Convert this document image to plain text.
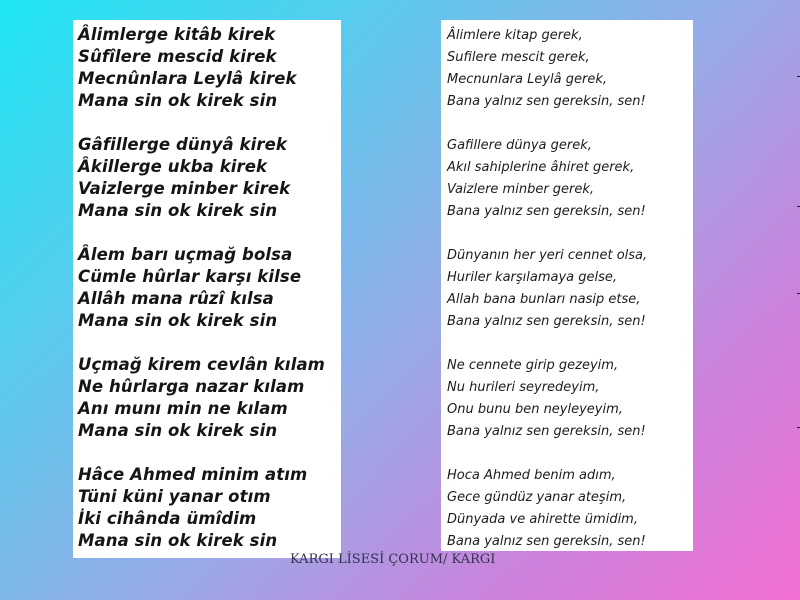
Âlimlerge kitâb kirek
Sûfîlere mescid kirek
Mecnûnlara Leylâ kirek
Mana sin ok kirek sin
Gâfillerge dünyâ kirek
Âkillerge ukba kirek
Vaizlerge minber kirek
Mana sin ok kirek sin
Âlem barı uçmağ bolsa
Cümle hûrlar karşı kilse
Allâh mana rûzî kılsa
Mana sin ok kirek sin
Uçmağ kirem cevlân kılam
Ne hûrlarga nazar kılam
Anı munı min ne kılam
Mana sin ok kirek sin
Hâce Ahmed minim atım
Tüni küni yanar otım
İki cihânda ümîdim
Mana sin ok kirek sin
Âlimlere kitap gerek,
Sufilere mescit gerek,
Mecnunlara Leylâ gerek,
Bana yalnız sen gereksin, sen!
Gafillere dünya gerek,
Akıl sahiplerine âhiret gerek,
Vaizlere minber gerek,
Bana yalnız sen gereksin, sen!
Dünyanın her yeri cennet olsa,
Huriler karşılamaya gelse,
Allah bana bunları nasip etse,
Bana yalnız sen gereksin, sen!
Ne cennete girip gezeyim,
Nu hurileri seyredeyim,
Onu bunu ben neyleyeyim,
Bana yalnız sen gereksin, sen!
Hoca Ahmed benim adım,
Gece gündüz yanar ateşim,
Dünyada ve ahirette ümidim,
Bana yalnız sen gereksin, sen!
KARGI LİSESİ ÇORUM/ KARGI
